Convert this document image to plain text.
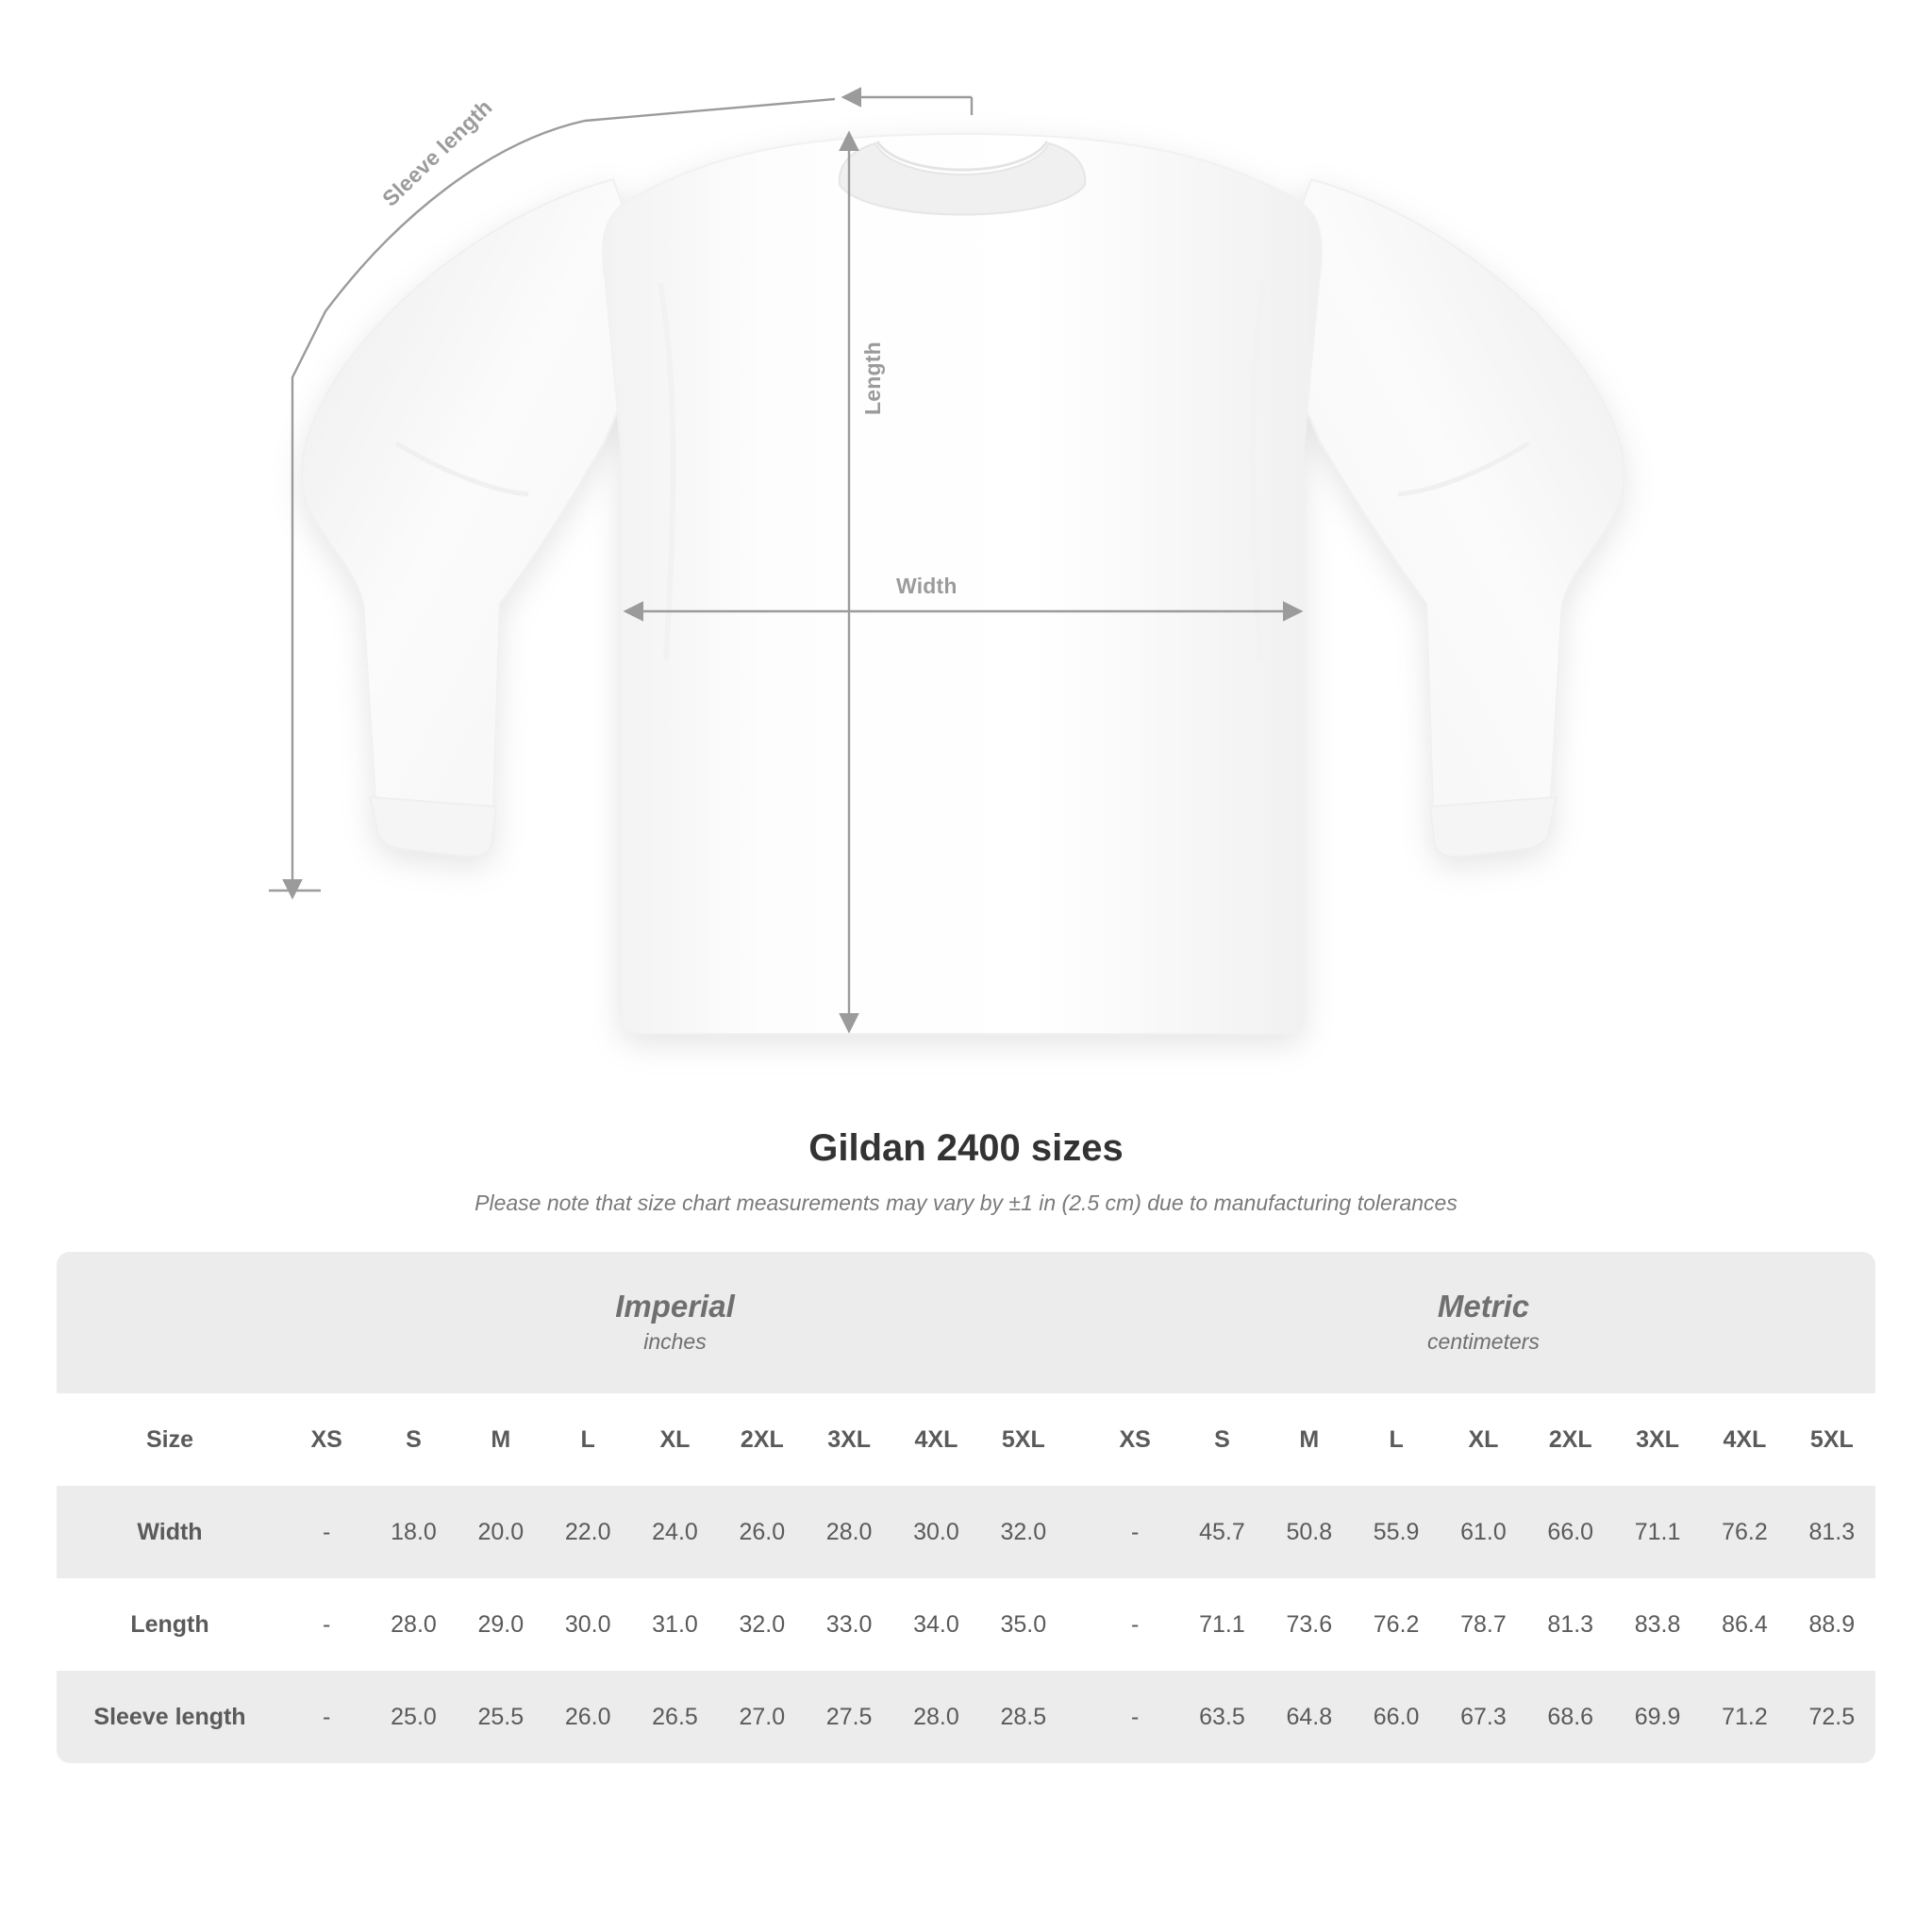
Sleeve length
Length
Width
Gildan 2400 sizes

Please note that size chart measurements may vary by ±1 in (2.5 cm) due to manufacturing tolerances

Imperial
inches

Metric
centimeters

Size	XS	S	M	L	XL	2XL	3XL	4XL	5XL		XS	S	M	L	XL	2XL	3XL	4XL	5XL
Width	-	18.0	20.0	22.0	24.0	26.0	28.0	30.0	32.0		-	45.7	50.8	55.9	61.0	66.0	71.1	76.2	81.3
Length	-	28.0	29.0	30.0	31.0	32.0	33.0	34.0	35.0		-	71.1	73.6	76.2	78.7	81.3	83.8	86.4	88.9
Sleeve length	-	25.0	25.5	26.0	26.5	27.0	27.5	28.0	28.5		-	63.5	64.8	66.0	67.3	68.6	69.9	71.2	72.5
